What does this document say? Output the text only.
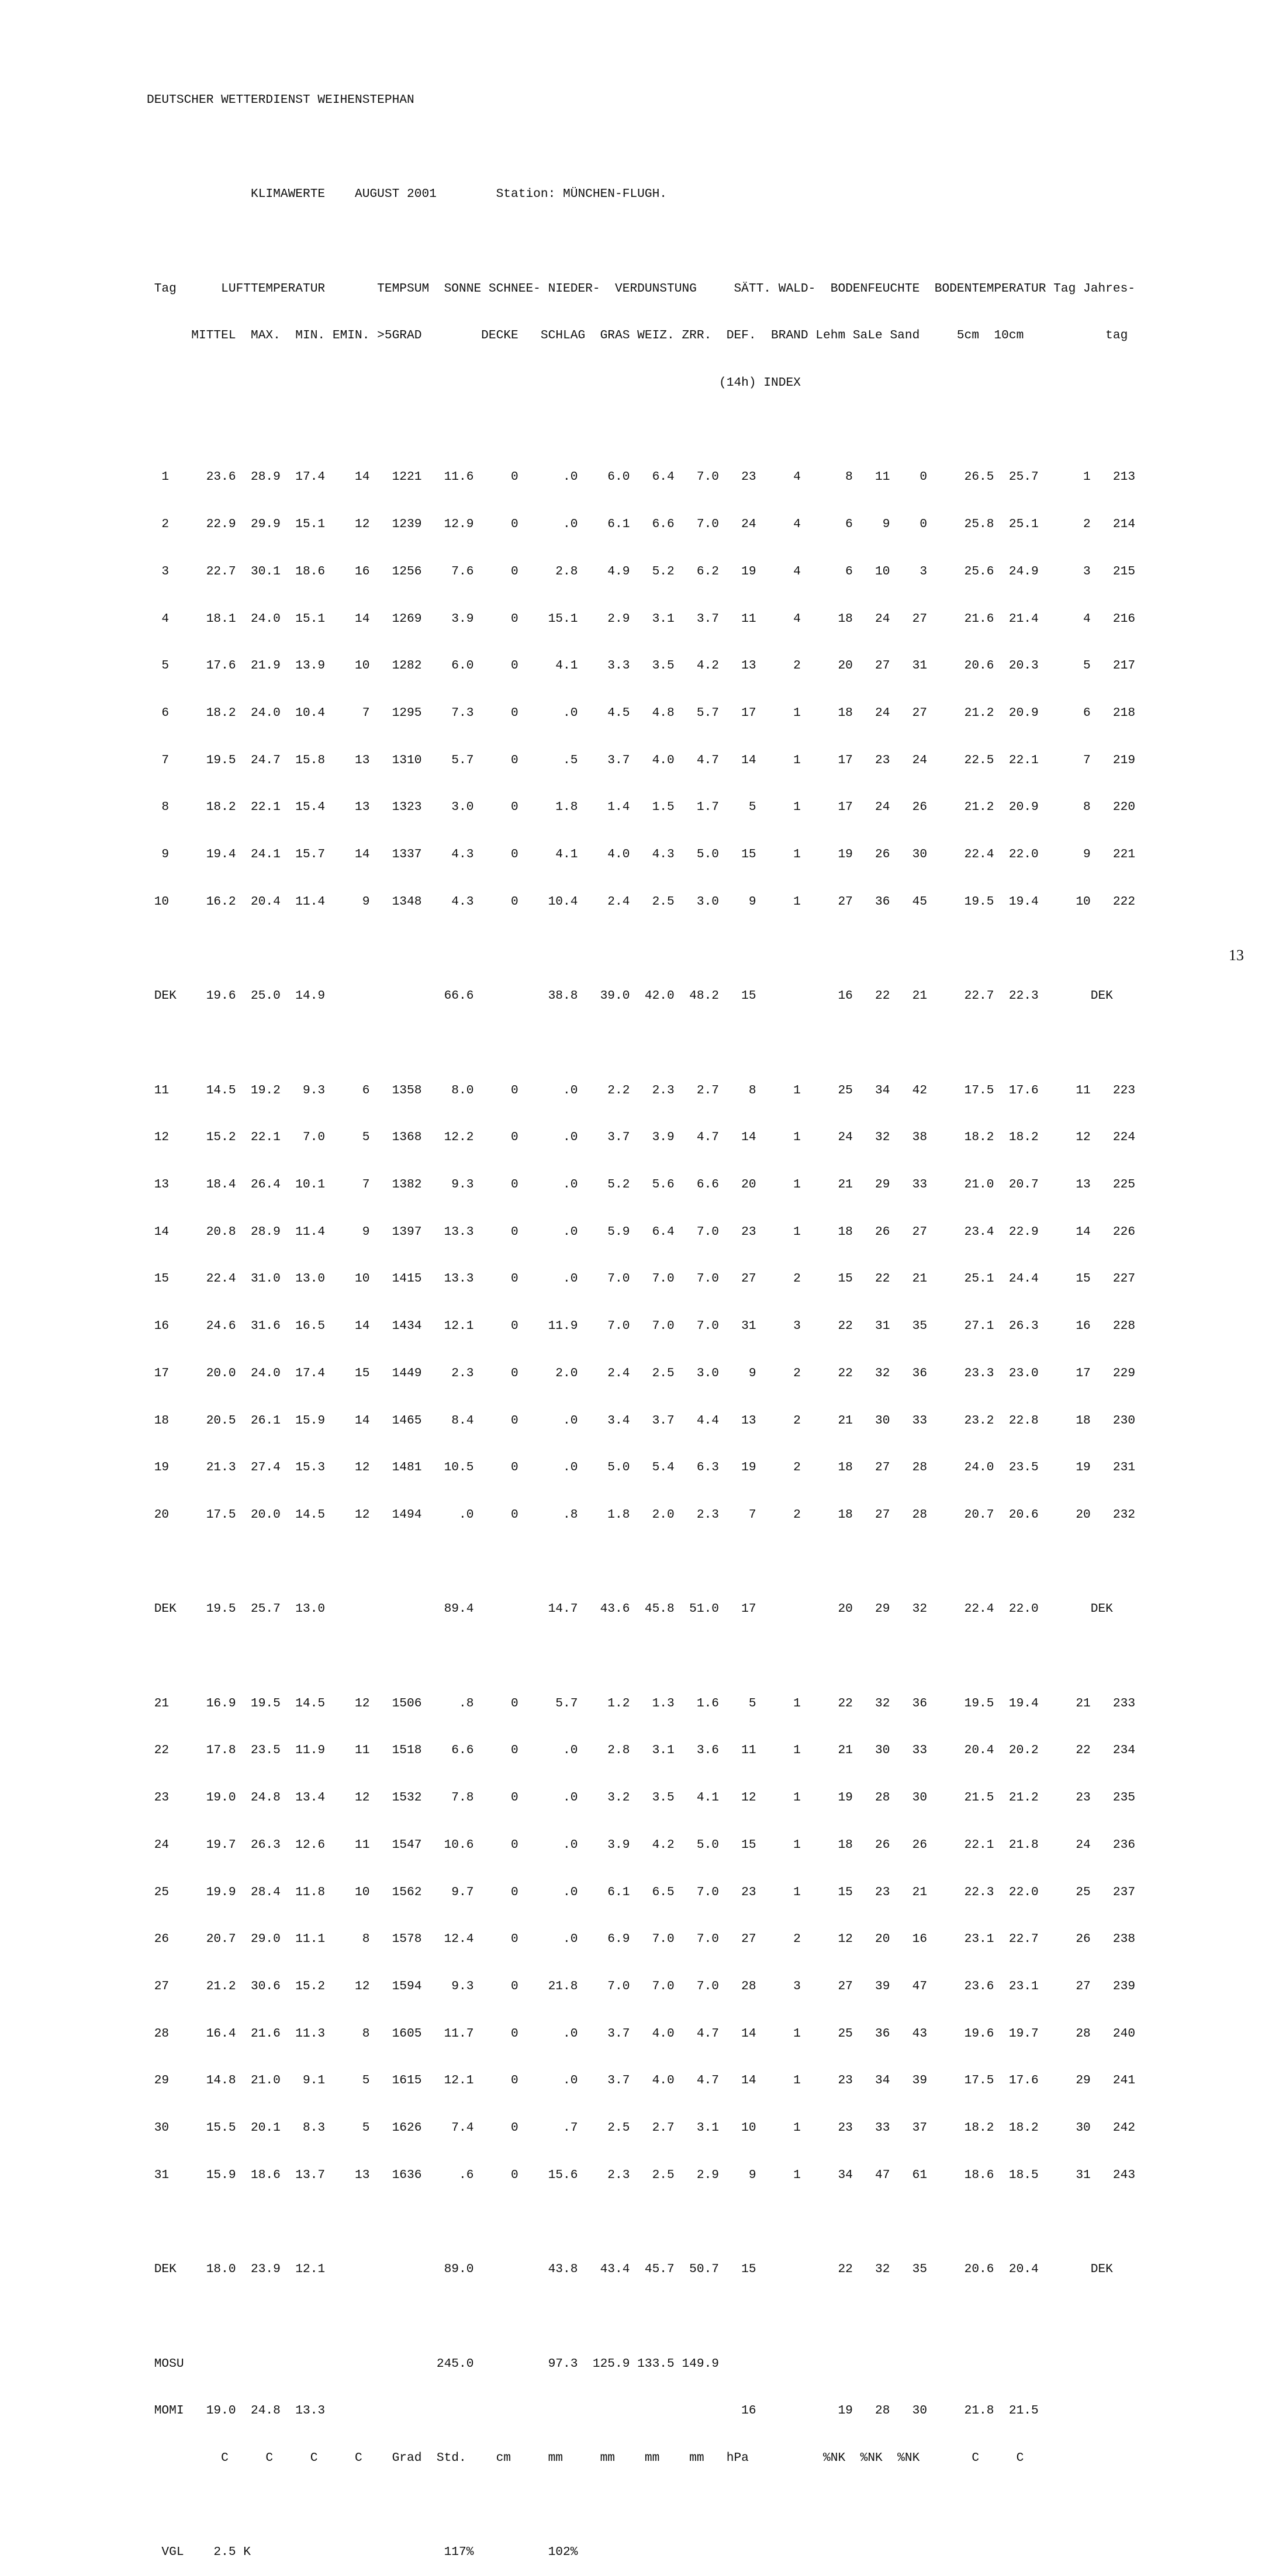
DEUTSCHER WETTERDIENST WEIHENSTEPHAN

KLIMAWERTE    AUGUST 2001        Station: MÜNCHEN-FLUGH.

Tag      LUFTTEMPERATUR       TEMPSUM  SONNE SCHNEE- NIEDER-  VERDUNSTUNG     SÄTT. WALD-  BODENFEUCHTE  BODENTEMPERATUR Tag Jahres-

MITTEL  MAX.  MIN. EMIN. >5GRAD        DECKE   SCHLAG  GRAS WEIZ. ZRR.  DEF.  BRAND Lehm SaLe Sand     5cm  10cm           tag

(14h) INDEX

1     23.6  28.9  17.4    14   1221   11.6     0      .0    6.0   6.4   7.0   23     4      8   11    0     26.5  25.7      1   213

2     22.9  29.9  15.1    12   1239   12.9     0      .0    6.1   6.6   7.0   24     4      6    9    0     25.8  25.1      2   214

3     22.7  30.1  18.6    16   1256    7.6     0     2.8    4.9   5.2   6.2   19     4      6   10    3     25.6  24.9      3   215

4     18.1  24.0  15.1    14   1269    3.9     0    15.1    2.9   3.1   3.7   11     4     18   24   27     21.6  21.4      4   216

5     17.6  21.9  13.9    10   1282    6.0     0     4.1    3.3   3.5   4.2   13     2     20   27   31     20.6  20.3      5   217

6     18.2  24.0  10.4     7   1295    7.3     0      .0    4.5   4.8   5.7   17     1     18   24   27     21.2  20.9      6   218

7     19.5  24.7  15.8    13   1310    5.7     0      .5    3.7   4.0   4.7   14     1     17   23   24     22.5  22.1      7   219

8     18.2  22.1  15.4    13   1323    3.0     0     1.8    1.4   1.5   1.7    5     1     17   24   26     21.2  20.9      8   220

9     19.4  24.1  15.7    14   1337    4.3     0     4.1    4.0   4.3   5.0   15     1     19   26   30     22.4  22.0      9   221

10     16.2  20.4  11.4     9   1348    4.3     0    10.4    2.4   2.5   3.0    9     1     27   36   45     19.5  19.4     10   222

DEK    19.6  25.0  14.9                66.6          38.8   39.0  42.0  48.2   15           16   22   21     22.7  22.3       DEK

11     14.5  19.2   9.3     6   1358    8.0     0      .0    2.2   2.3   2.7    8     1     25   34   42     17.5  17.6     11   223

12     15.2  22.1   7.0     5   1368   12.2     0      .0    3.7   3.9   4.7   14     1     24   32   38     18.2  18.2     12   224

13     18.4  26.4  10.1     7   1382    9.3     0      .0    5.2   5.6   6.6   20     1     21   29   33     21.0  20.7     13   225

14     20.8  28.9  11.4     9   1397   13.3     0      .0    5.9   6.4   7.0   23     1     18   26   27     23.4  22.9     14   226

15     22.4  31.0  13.0    10   1415   13.3     0      .0    7.0   7.0   7.0   27     2     15   22   21     25.1  24.4     15   227

16     24.6  31.6  16.5    14   1434   12.1     0    11.9    7.0   7.0   7.0   31     3     22   31   35     27.1  26.3     16   228

17     20.0  24.0  17.4    15   1449    2.3     0     2.0    2.4   2.5   3.0    9     2     22   32   36     23.3  23.0     17   229

18     20.5  26.1  15.9    14   1465    8.4     0      .0    3.4   3.7   4.4   13     2     21   30   33     23.2  22.8     18   230

19     21.3  27.4  15.3    12   1481   10.5     0      .0    5.0   5.4   6.3   19     2     18   27   28     24.0  23.5     19   231

20     17.5  20.0  14.5    12   1494     .0     0      .8    1.8   2.0   2.3    7     2     18   27   28     20.7  20.6     20   232

DEK    19.5  25.7  13.0                89.4          14.7   43.6  45.8  51.0   17           20   29   32     22.4  22.0       DEK

21     16.9  19.5  14.5    12   1506     .8     0     5.7    1.2   1.3   1.6    5     1     22   32   36     19.5  19.4     21   233

22     17.8  23.5  11.9    11   1518    6.6     0      .0    2.8   3.1   3.6   11     1     21   30   33     20.4  20.2     22   234

23     19.0  24.8  13.4    12   1532    7.8     0      .0    3.2   3.5   4.1   12     1     19   28   30     21.5  21.2     23   235

24     19.7  26.3  12.6    11   1547   10.6     0      .0    3.9   4.2   5.0   15     1     18   26   26     22.1  21.8     24   236

25     19.9  28.4  11.8    10   1562    9.7     0      .0    6.1   6.5   7.0   23     1     15   23   21     22.3  22.0     25   237

26     20.7  29.0  11.1     8   1578   12.4     0      .0    6.9   7.0   7.0   27     2     12   20   16     23.1  22.7     26   238

27     21.2  30.6  15.2    12   1594    9.3     0    21.8    7.0   7.0   7.0   28     3     27   39   47     23.6  23.1     27   239

28     16.4  21.6  11.3     8   1605   11.7     0      .0    3.7   4.0   4.7   14     1     25   36   43     19.6  19.7     28   240

29     14.8  21.0   9.1     5   1615   12.1     0      .0    3.7   4.0   4.7   14     1     23   34   39     17.5  17.6     29   241

30     15.5  20.1   8.3     5   1626    7.4     0      .7    2.5   2.7   3.1   10     1     23   33   37     18.2  18.2     30   242

31     15.9  18.6  13.7    13   1636     .6     0    15.6    2.3   2.5   2.9    9     1     34   47   61     18.6  18.5     31   243

DEK    18.0  23.9  12.1                89.0          43.8   43.4  45.7  50.7   15           22   32   35     20.6  20.4       DEK

MOSU                                  245.0          97.3  125.9 133.5 149.9

MOMI   19.0  24.8  13.3                                                        16           19   28   30     21.8  21.5

C     C     C     C    Grad  Std.    cm     mm     mm    mm    mm   hPa          %NK  %NK  %NK       C     C

VGL    2.5 K                          117%          102%

13
